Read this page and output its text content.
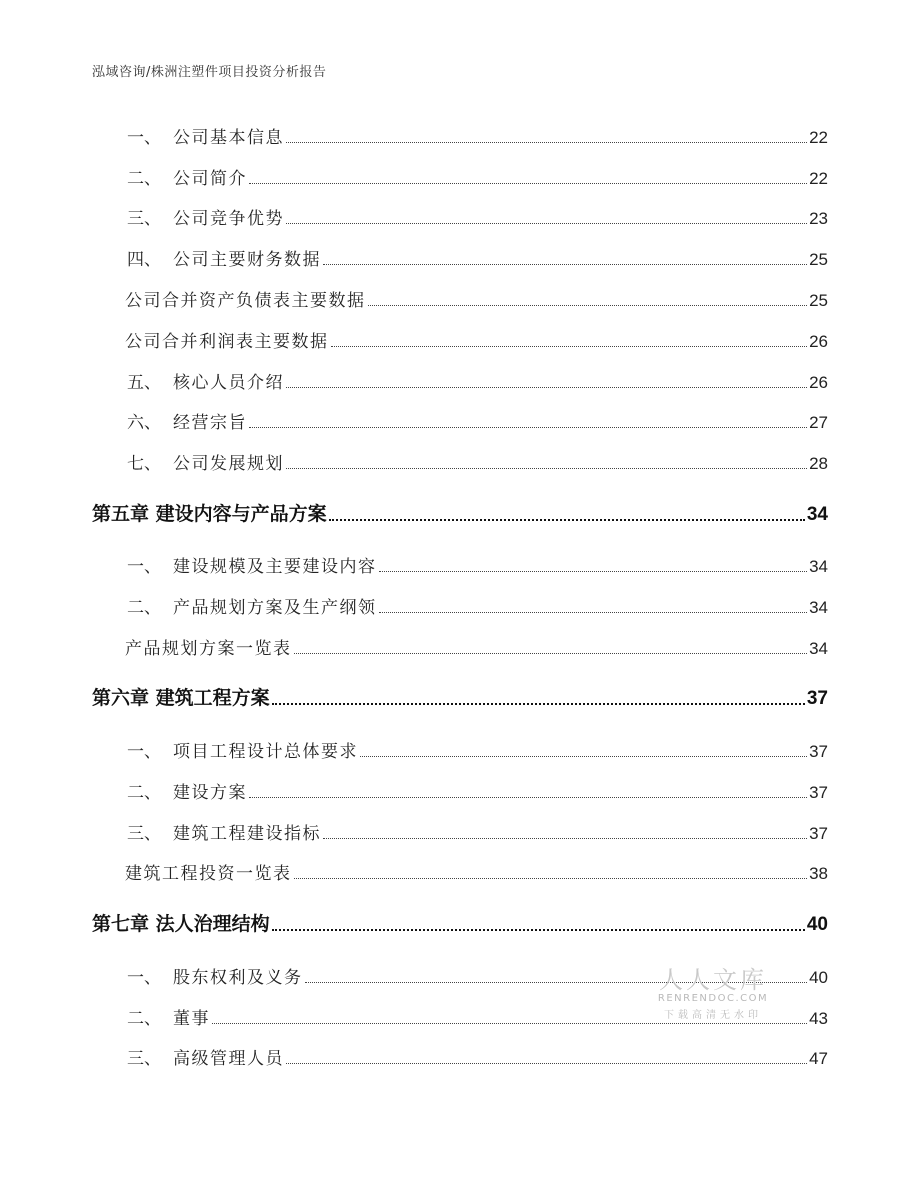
泓域咨询/株洲注塑件项目投资分析报告
一、 公司基本信息	22
二、 公司简介	22
三、 公司竞争优势	23
四、 公司主要财务数据	25
公司合并资产负债表主要数据	25
公司合并利润表主要数据	26
五、 核心人员介绍	26
六、 经营宗旨	27
七、 公司发展规划	28
第五章 建设内容与产品方案	34
一、 建设规模及主要建设内容	34
二、 产品规划方案及生产纲领	34
产品规划方案一览表	34
第六章 建筑工程方案	37
一、 项目工程设计总体要求	37
二、 建设方案	37
三、 建筑工程建设指标	37
建筑工程投资一览表	38
第七章 法人治理结构	40
一、 股东权利及义务	40
二、 董事	43
三、 高级管理人员	47
人人文库
RENRENDOC.COM
下载高清无水印
